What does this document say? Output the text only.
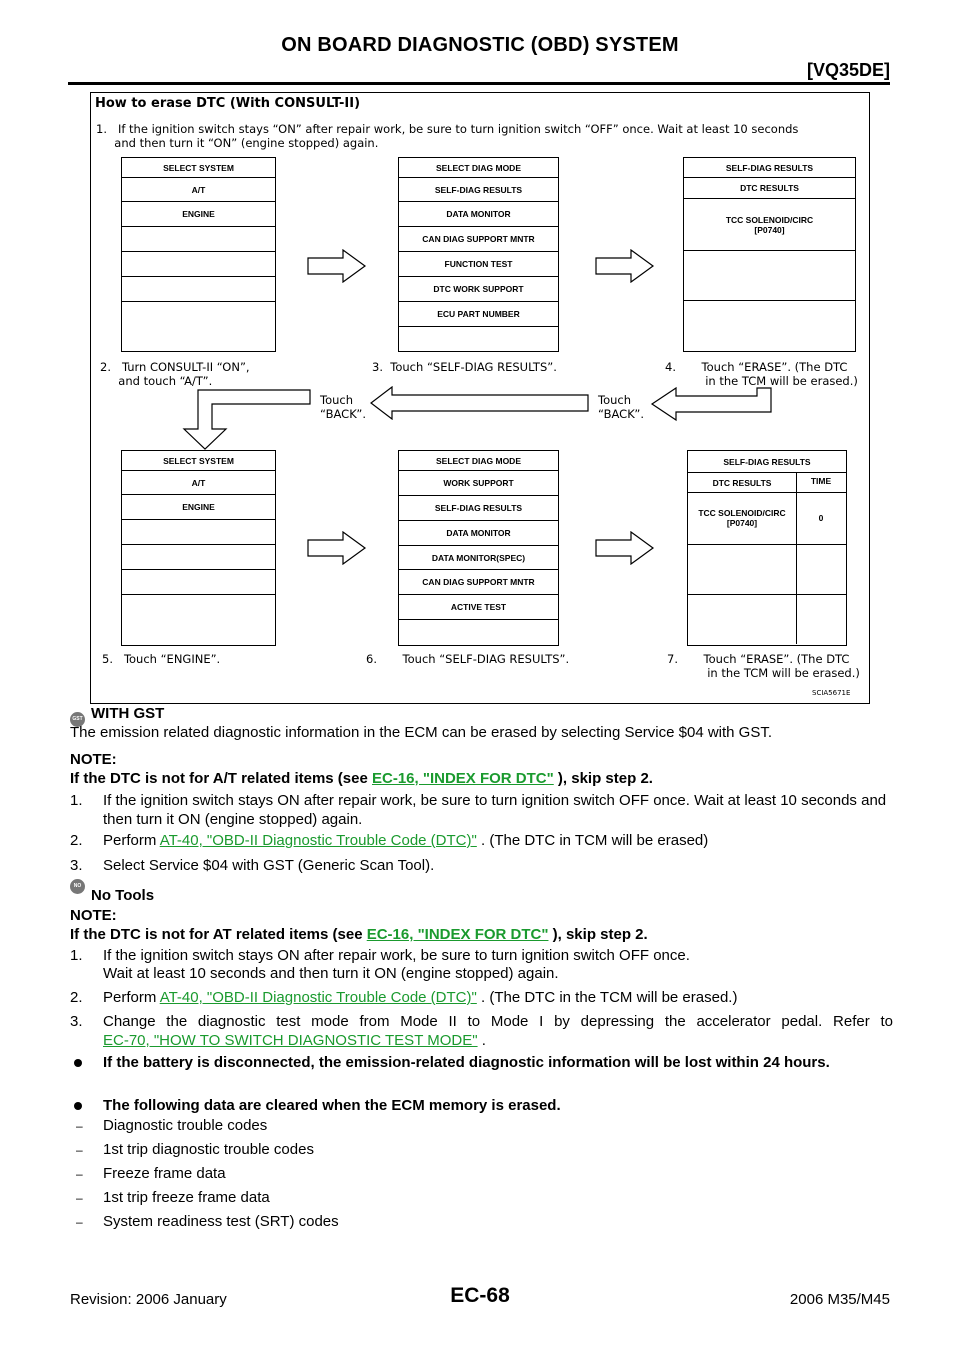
ON BOARD DIAGNOSTIC (OBD) SYSTEM
[VQ35DE]
How to erase DTC (With CONSULT-II)
1.   If the ignition switch stays “ON” after repair work, be sure to turn ignition switch “OFF” once. Wait at least 10 seconds
and then turn it “ON” (engine stopped) again.
SELECT SYSTEM
A/T
ENGINE
SELECT DIAG MODE
SELF-DIAG RESULTS
DATA MONITOR
CAN DIAG SUPPORT MNTR
FUNCTION TEST
DTC WORK SUPPORT
ECU PART NUMBER
SELF-DIAG RESULTS
DTC RESULTS
TCC SOLENOID/CIRC
[P0740]
2.   Turn CONSULT-II “ON”,
and touch “A/T”.
3.  Touch “SELF-DIAG RESULTS”.	4.       Touch “ERASE”. (The DTC
in the TCM will be erased.)
Touch
“BACK”.
Touch
“BACK”.
SELECT SYSTEM
A/T
ENGINE
SELECT DIAG MODE
WORK SUPPORT
SELF-DIAG RESULTS
DATA MONITOR
DATA MONITOR(SPEC)
CAN DIAG SUPPORT MNTR
ACTIVE TEST
SELF-DIAG RESULTS
DTC RESULTS	TIME
TCC SOLENOID/CIRC
[P0740]	0
5.   Touch “ENGINE”.	6.       Touch “SELF-DIAG RESULTS”.	7.       Touch “ERASE”. (The DTC
in the TCM will be erased.)
SCIA5671E
GST WITH GST
The emission related diagnostic information in the ECM can be erased by selecting Service $04 with GST.
NOTE:
If the DTC is not for A/T related items (see EC-16, "INDEX FOR DTC" ), skip step 2.
1. If the ignition switch stays ON after repair work, be sure to turn ignition switch OFF once. Wait at least 10 seconds and then turn it ON (engine stopped) again.
2. Perform AT-40, "OBD-II Diagnostic Trouble Code (DTC)" . (The DTC in TCM will be erased)
3. Select Service $04 with GST (Generic Scan Tool).
NO TOOLS No Tools
NOTE:
If the DTC is not for AT related items (see EC-16, "INDEX FOR DTC" ), skip step 2.
1. If the ignition switch stays ON after repair work, be sure to turn ignition switch OFF once.
Wait at least 10 seconds and then turn it ON (engine stopped) again.
2. Perform AT-40, "OBD-II Diagnostic Trouble Code (DTC)" . (The DTC in the TCM will be erased.)
3. Change the diagnostic test mode from Mode II to Mode I by depressing the accelerator pedal. Refer to
EC-70, "HOW TO SWITCH DIAGNOSTIC TEST MODE" .
If the battery is disconnected, the emission-related diagnostic information will be lost within 24 hours.
The following data are cleared when the ECM memory is erased.
– Diagnostic trouble codes
– 1st trip diagnostic trouble codes
– Freeze frame data
– 1st trip freeze frame data
– System readiness test (SRT) codes
Revision: 2006 January	EC-68	2006 M35/M45
